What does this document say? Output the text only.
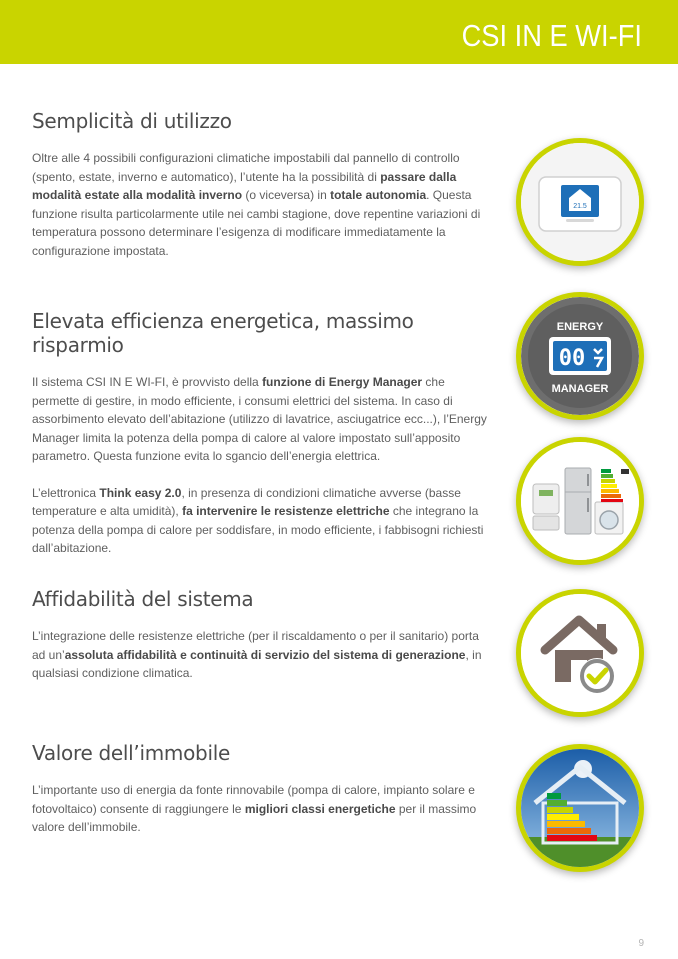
CSI IN E WI-FI
Semplicità di utilizzo

Oltre alle 4 possibili configurazioni climatiche impostabili dal pannello di controllo (spento, estate, inverno e automatico), l’utente ha la possibilità di passare dalla modalità estate alla modalità inverno (o viceversa) in totale autonomia. Questa funzione risulta particolarmente utile nei cambi stagione, dove repentine variazioni di temperatura possono determinare l’esigenza di modificare immediatamente la configurazione impostata.

Elevata efficienza energetica, massimo risparmio

Il sistema CSI IN E WI-FI, è provvisto della funzione di Energy Manager che permette di gestire, in modo efficiente, i consumi elettrici del sistema. In caso di assorbimento elevato dell’abitazione (utilizzo di lavatrice, asciugatrice ecc...), l’Energy Manager limita la potenza della pompa di calore al valore impostato sull’apposito parametro. Questa funzione evita lo sgancio dell’energia elettrica.

L’elettronica Think easy 2.0, in presenza di condizioni climatiche avverse (basse temperature e alta umidità), fa intervenire le resistenze elettriche che integrano la potenza della pompa di calore per soddisfare, in modo efficiente, i fabbisogni richiesti dall’abitazione.

Affidabilità del sistema

L’integrazione delle resistenze elettriche (per il riscaldamento o per il sanitario) porta ad un’assoluta affidabilità e continuità di servizio del sistema di generazione, in qualsiasi condizione climatica.

Valore dell’immobile

L’importante uso di energia da fonte rinnovabile (pompa di calore, impianto solare e fotovoltaico) consente di raggiungere le migliori classi energetiche per il massimo valore dell’immobile.

21.5
ENERGY
00
MANAGER
9
